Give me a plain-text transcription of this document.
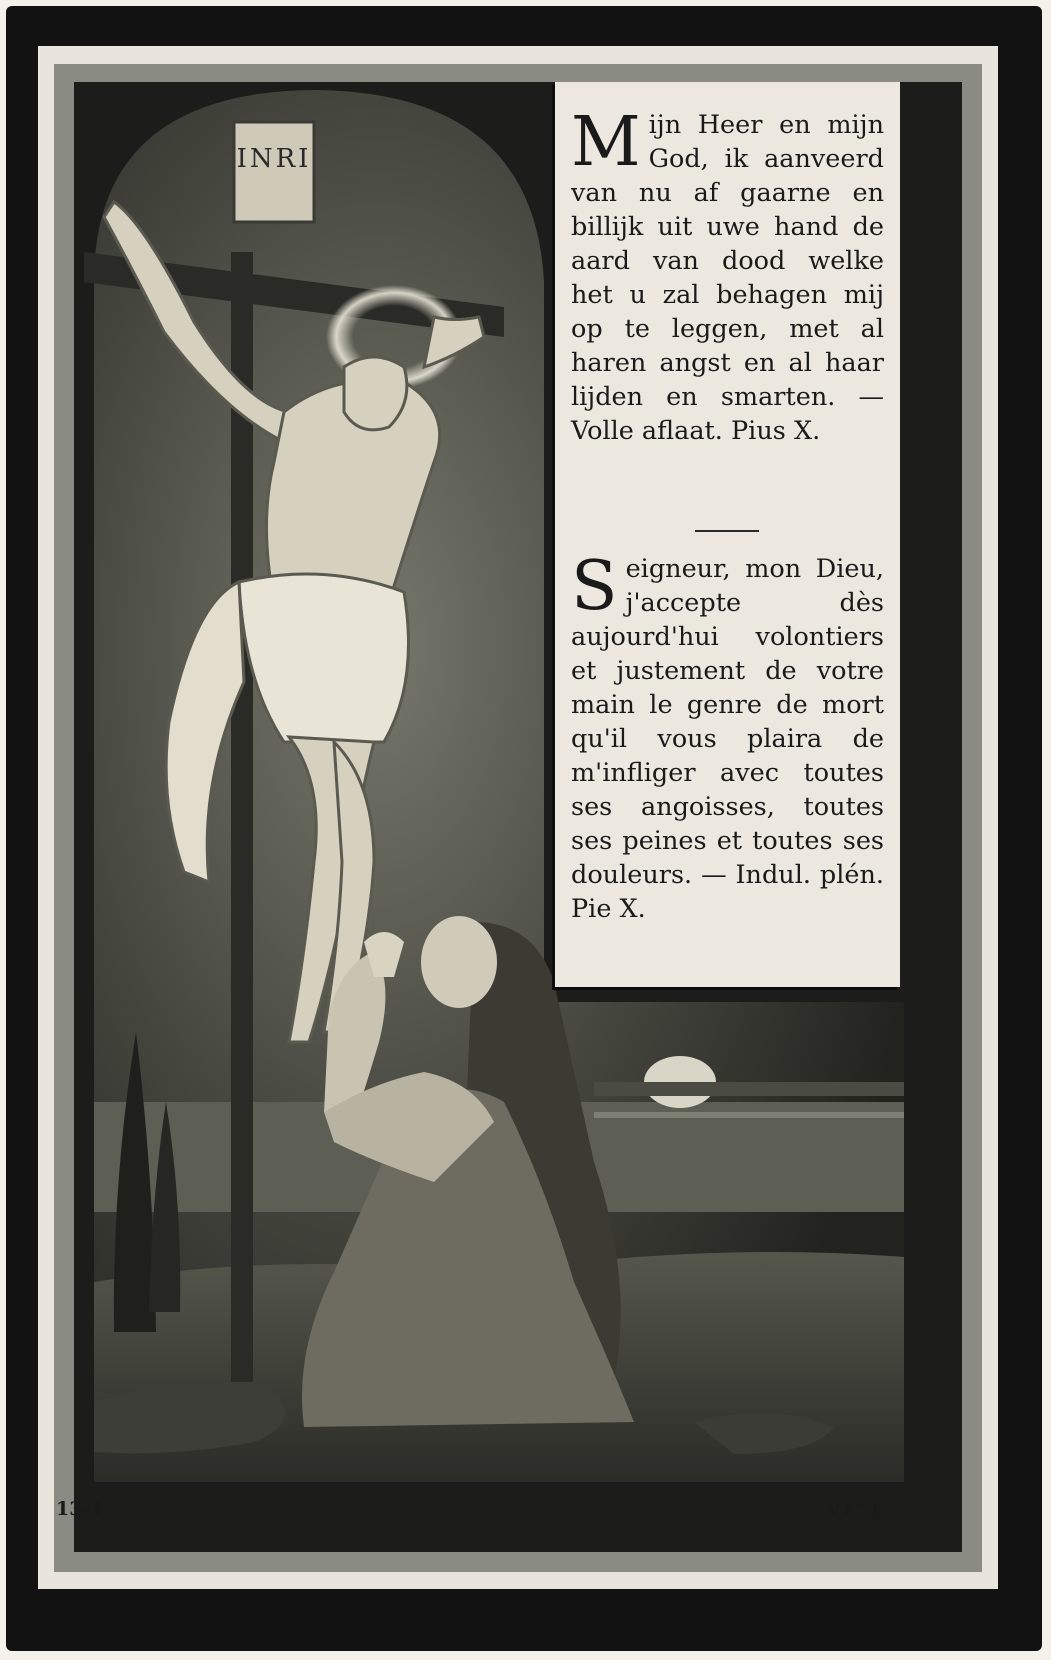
INRI	Mijn Heer en mijn God, ik aanveerd van nu af gaarne en billijk uit uwe hand de aard van dood welke het u zal behagen mij op te leggen, met al haren angst en al haar lijden en smarten. — Volle aflaat. Pius X.
Seigneur, mon Dieu, j'accepte dès aujourd'hui volontiers et justement de votre main le genre de mort qu'il vous plaira de m'infliger avec toutes ses angoisses, toutes ses peines et toutes ses douleurs. — Indul. plén. Pie X.
13-1	VL*J
